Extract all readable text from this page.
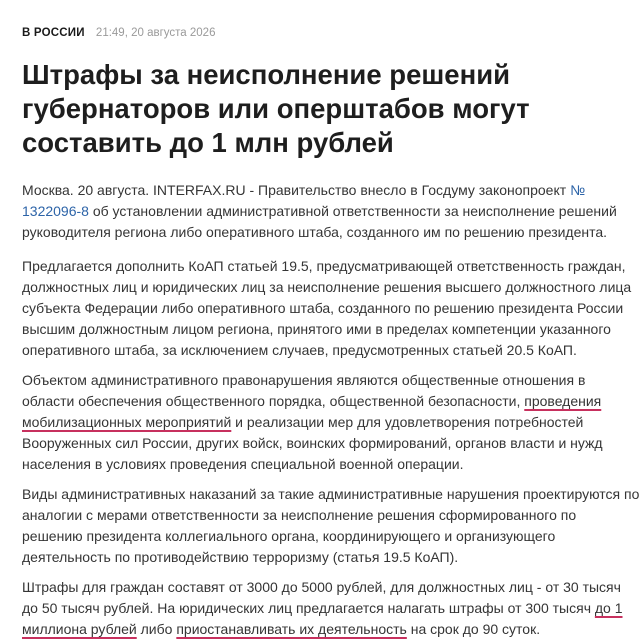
В РОССИИ 21:49, 20 августа 2026
Штрафы за неисполнение решений губернаторов или оперштабов могут составить до 1 млн рублей

Москва. 20 августа. INTERFAX.RU - Правительство внесло в Госдуму законопроект №
1322096-8 об установлении административной ответственности за неисполнение решений
руководителя региона либо оперативного штаба, созданного им по решению президента.

Предлагается дополнить КоАП статьей 19.5, предусматривающей ответственность граждан,
должностных лиц и юридических лиц за неисполнение решения высшего должностного лица
субъекта Федерации либо оперативного штаба, созданного по решению президента России
высшим должностным лицом региона, принятого ими в пределах компетенции указанного
оперативного штаба, за исключением случаев, предусмотренных статьей 20.5 КоАП.

Объектом административного правонарушения являются общественные отношения в
области обеспечения общественного порядка, общественной безопасности, проведения
мобилизационных мероприятий и реализации мер для удовлетворения потребностей
Вооруженных сил России, других войск, воинских формирований, органов власти и нужд
населения в условиях проведения специальной военной операции.

Виды административных наказаний за такие административные нарушения проектируются по
аналогии с мерами ответственности за неисполнение решения сформированного по
решению президента коллегиального органа, координирующего и организующего
деятельность по противодействию терроризму (статья 19.5 КоАП).

Штрафы для граждан составят от 3000 до 5000 рублей, для должностных лиц - от 30 тысяч
до 50 тысяч рублей. На юридических лиц предлагается налагать штрафы от 300 тысяч до 1
миллиона рублей либо приостанавливать их деятельность на срок до 90 суток.
